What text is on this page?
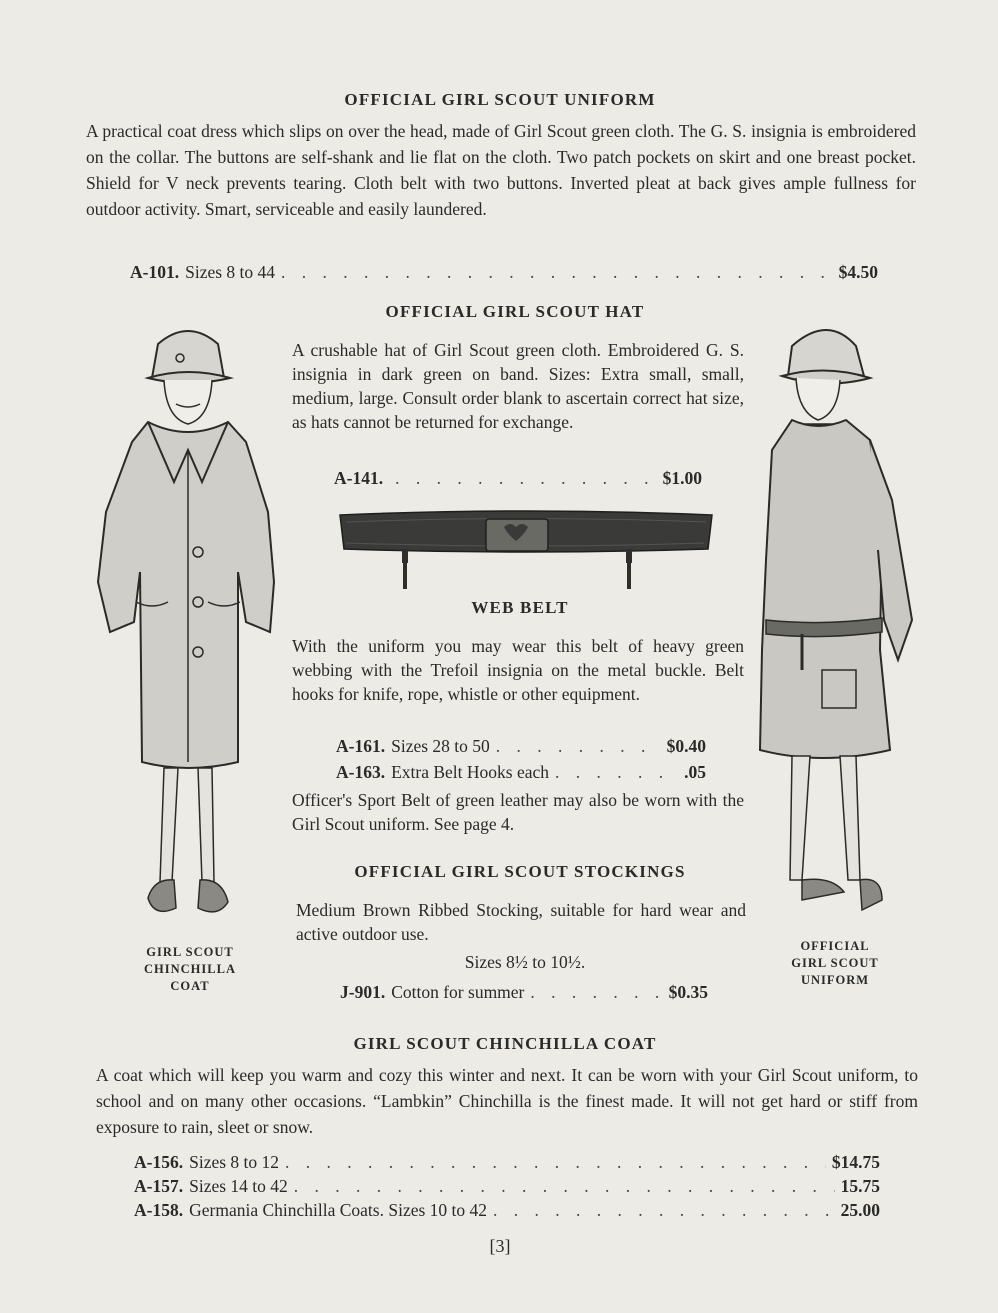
OFFICIAL GIRL SCOUT UNIFORM
A practical coat dress which slips on over the head, made of Girl Scout green cloth. The G. S. insignia is embroidered on the collar. The buttons are self-shank and lie flat on the cloth. Two patch pockets on skirt and one breast pocket. Shield for V neck prevents tearing. Cloth belt with two buttons. Inverted pleat at back gives ample fullness for outdoor activity. Smart, serviceable and easily laundered.
A-101. Sizes 8 to 44 . . .	$4.50
OFFICIAL GIRL SCOUT HAT
A crushable hat of Girl Scout green cloth. Embroidered G. S. insignia in dark green on band. Sizes: Extra small, small, medium, large. Consult order blank to ascertain correct hat size, as hats cannot be returned for exchange.
A-141. . . .	$1.00
WEB BELT
With the uniform you may wear this belt of heavy green webbing with the Trefoil insignia on the metal buckle. Belt hooks for knife, rope, whistle or other equipment.
A-161. Sizes 28 to 50 . . .	$0.40
A-163. Extra Belt Hooks each . . .	.05
Officer's Sport Belt of green leather may also be worn with the Girl Scout uniform. See page 4.
OFFICIAL GIRL SCOUT STOCKINGS
Medium Brown Ribbed Stocking, suitable for hard wear and active outdoor use.
Sizes 8½ to 10½.
J-901. Cotton for summer . . .	$0.35
GIRL SCOUT
CHINCHILLA
COAT
OFFICIAL
GIRL SCOUT
UNIFORM
GIRL SCOUT CHINCHILLA COAT
A coat which will keep you warm and cozy this winter and next. It can be worn with your Girl Scout uniform, to school and on many other occasions. “Lambkin” Chinchilla is the finest made. It will not get hard or stiff from exposure to rain, sleet or snow.
A-156. Sizes 8 to 12 . . .	$14.75
A-157. Sizes 14 to 42 . . .	15.75
A-158. Germania Chinchilla Coats. Sizes 10 to 42 . . .	25.00
[3]
